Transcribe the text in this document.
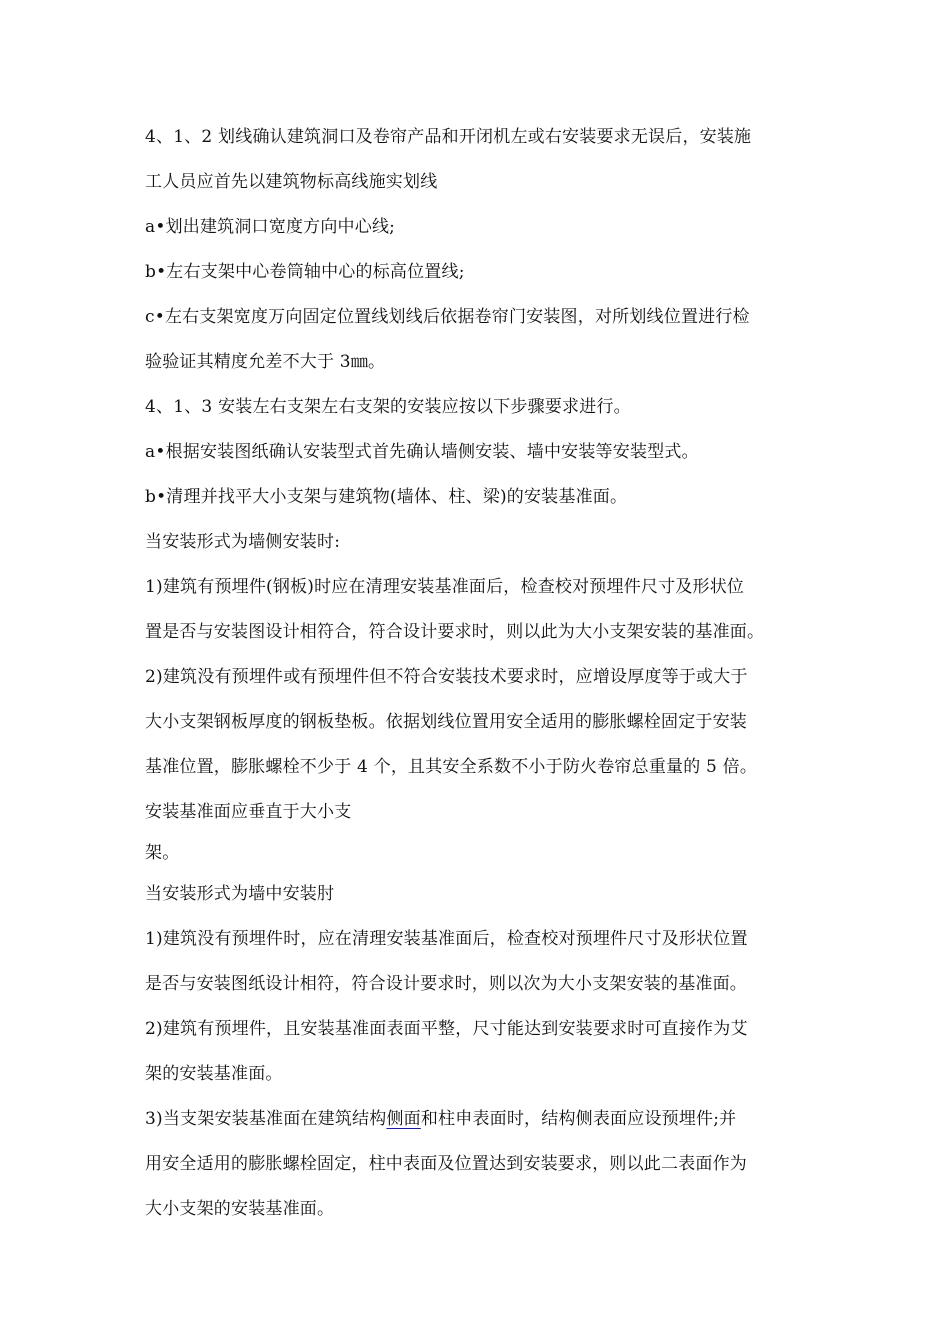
4、1、2 划线确认建筑洞口及卷帘产品和开闭机左或右安装要求无误后，安装施
工人员应首先以建筑物标高线施实划线
a•划出建筑洞口宽度方向中心线;
b•左右支架中心卷筒轴中心的标高位置线;
c•左右支架宽度万向固定位置线划线后依据卷帘门安装图，对所划线位置进行检
验验证其精度允差不大于 3㎜。
4、1、3 安装左右支架左右支架的安装应按以下步骤要求进行。
a•根据安装图纸确认安装型式首先确认墙侧安装、墙中安装等安装型式。
b•清理并找平大小支架与建筑物(墙体、柱、梁)的安装基准面。
当安装形式为墙侧安装时:
1)建筑有预埋件(钢板)时应在清理安装基准面后，检查校对预埋件尺寸及形状位
置是否与安装图设计相符合，符合设计要求时，则以此为大小支架安装的基准面。
2)建筑没有预埋件或有预埋件但不符合安装技术要求时，应增设厚度等于或大于
大小支架钢板厚度的钢板垫板。依据划线位置用安全适用的膨胀螺栓固定于安装
基准位置，膨胀螺栓不少于 4 个，且其安全系数不小于防火卷帘总重量的 5 倍。
安装基准面应垂直于大小支
架。
当安装形式为墙中安装肘
1)建筑没有预埋件时，应在清理安装基准面后，检查校对预埋件尺寸及形状位置
是否与安装图纸设计相符，符合设计要求时，则以次为大小支架安装的基准面。
2)建筑有预埋件，且安装基准面表面平整，尺寸能达到安装要求时可直接作为艾
架的安装基准面。
3)当支架安装基准面在建筑结构侧面和柱申表面时，结构侧表面应设预埋件;并
用安全适用的膨胀螺栓固定，柱中表面及位置达到安装要求，则以此二表面作为
大小支架的安装基准面。
